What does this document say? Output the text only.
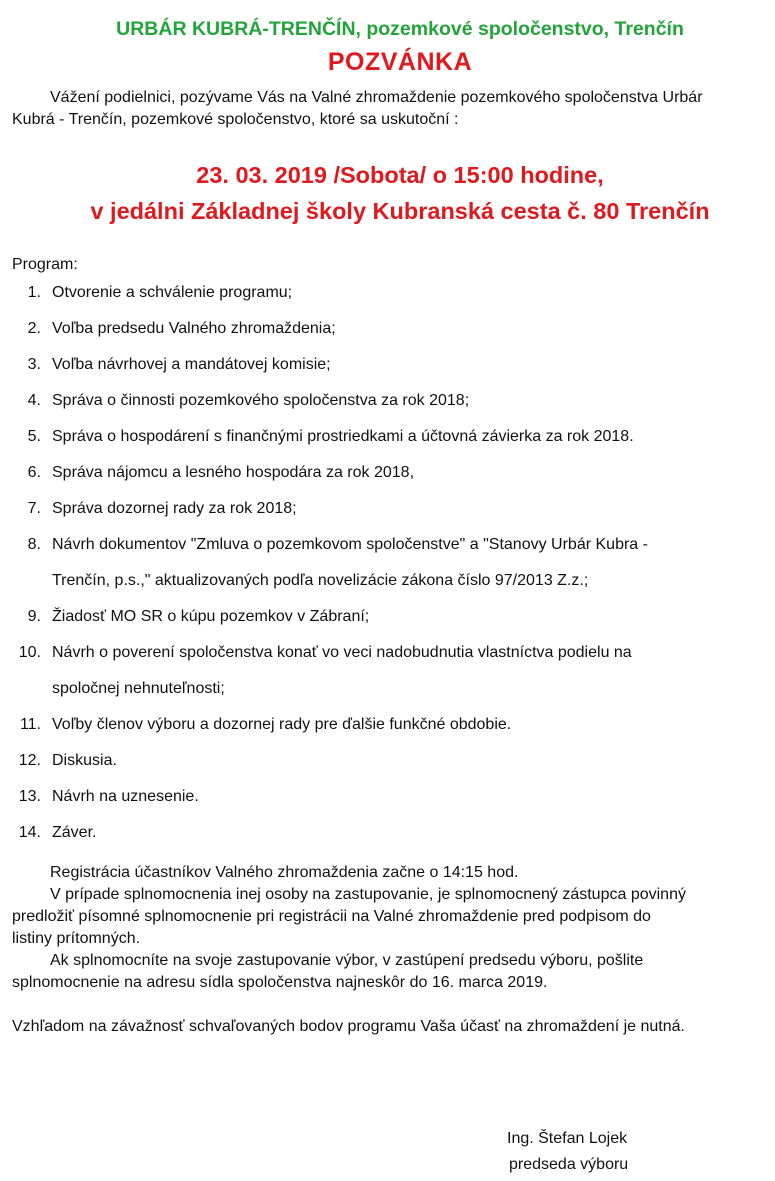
URBÁR KUBRÁ-TRENČÍN, pozemkové spoločenstvo, Trenčín
POZVÁNKA
Vážení podielnici, pozývame Vás na Valné zhromaždenie pozemkového spoločenstva Urbár
Kubrá - Trenčín, pozemkové spoločenstvo, ktoré sa uskutoční :
23. 03. 2019 /Sobota/ o 15:00 hodine,
v jedálni Základnej školy Kubranská cesta č. 80 Trenčín
Program:
1. Otvorenie a schválenie programu;
2. Voľba predsedu Valného zhromaždenia;
3. Voľba návrhovej a mandátovej komisie;
4. Správa o činnosti pozemkového spoločenstva za rok 2018;
5. Správa o hospodárení s finančnými prostriedkami a účtovná závierka za rok 2018.
6. Správa nájomcu a lesného hospodára za rok 2018,
7. Správa dozornej rady za rok 2018;
8. Návrh dokumentov "Zmluva o pozemkovom spoločenstve" a "Stanovy Urbár Kubra -
Trenčín, p.s.," aktualizovaných podľa novelizácie zákona číslo 97/2013 Z.z.;
9. Žiadosť MO SR o kúpu pozemkov v Zábraní;
10. Návrh o poverení spoločenstva konať vo veci nadobudnutia vlastníctva podielu na
spoločnej nehnuteľnosti;
11. Voľby členov výboru a dozornej rady pre ďalšie funkčné obdobie.
12. Diskusia.
13. Návrh na uznesenie.
14. Záver.
Registrácia účastníkov Valného zhromaždenia začne o 14:15 hod.
V prípade splnomocnenia inej osoby na zastupovanie, je splnomocnený zástupca povinný
predložiť písomné splnomocnenie pri registrácii na Valné zhromaždenie pred podpisom do
listiny prítomných.
Ak splnomocníte na svoje zastupovanie výbor, v zastúpení predsedu výboru, pošlite
splnomocnenie na adresu sídla spoločenstva najneskôr do 16. marca 2019.
Vzhľadom na závažnosť schvaľovaných bodov programu Vaša účasť na zhromaždení je nutná.
Ing. Štefan Lojek
predseda výboru
